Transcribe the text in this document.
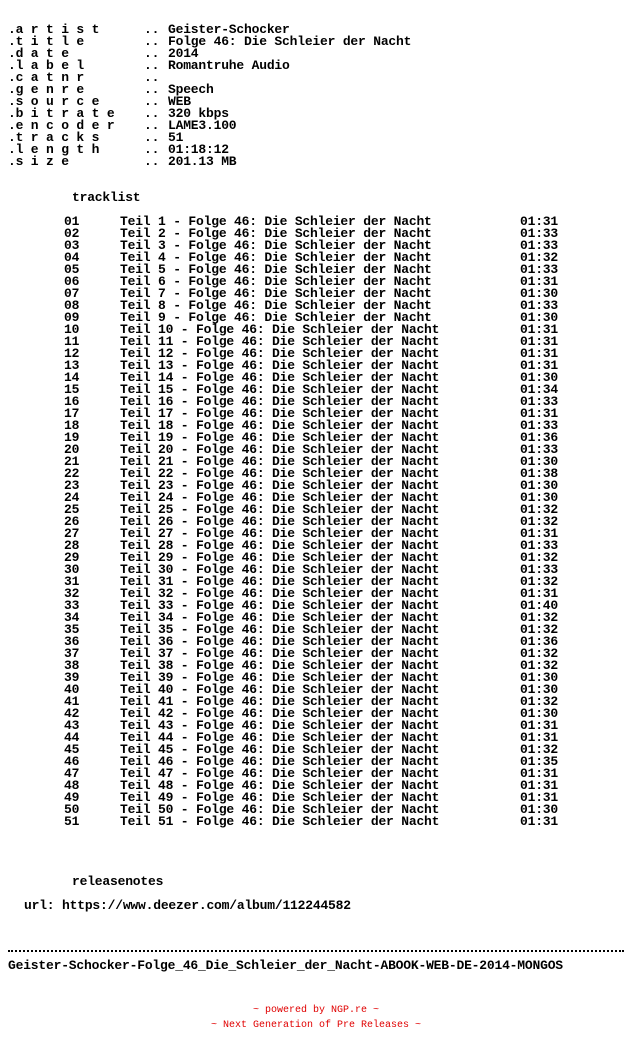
.a r t i s t	.. Geister-Schocker
.t i t l e	.. Folge 46: Die Schleier der Nacht
.d a t e	.. 2014
.l a b e l	.. Romantruhe Audio
.c a t n r	..
.g e n r e	.. Speech
.s o u r c e	.. WEB
.b i t r a t e .. 320 kbps
.e n c o d e r .. LAME3.100
.t r a c k s	.. 51
.l e n g t h	.. 01:18:12
.s i z e	.. 201.13 MB
tracklist
01	Teil 1 - Folge 46: Die Schleier der Nacht	01:31
02	Teil 2 - Folge 46: Die Schleier der Nacht	01:33
03	Teil 3 - Folge 46: Die Schleier der Nacht	01:33
04	Teil 4 - Folge 46: Die Schleier der Nacht	01:32
05	Teil 5 - Folge 46: Die Schleier der Nacht	01:33
06	Teil 6 - Folge 46: Die Schleier der Nacht	01:31
07	Teil 7 - Folge 46: Die Schleier der Nacht	01:30
08	Teil 8 - Folge 46: Die Schleier der Nacht	01:33
09	Teil 9 - Folge 46: Die Schleier der Nacht	01:30
10	Teil 10 - Folge 46: Die Schleier der Nacht	01:31
11	Teil 11 - Folge 46: Die Schleier der Nacht	01:31
12	Teil 12 - Folge 46: Die Schleier der Nacht	01:31
13	Teil 13 - Folge 46: Die Schleier der Nacht	01:31
14	Teil 14 - Folge 46: Die Schleier der Nacht	01:30
15	Teil 15 - Folge 46: Die Schleier der Nacht	01:34
16	Teil 16 - Folge 46: Die Schleier der Nacht	01:33
17	Teil 17 - Folge 46: Die Schleier der Nacht	01:31
18	Teil 18 - Folge 46: Die Schleier der Nacht	01:33
19	Teil 19 - Folge 46: Die Schleier der Nacht	01:36
20	Teil 20 - Folge 46: Die Schleier der Nacht	01:33
21	Teil 21 - Folge 46: Die Schleier der Nacht	01:30
22	Teil 22 - Folge 46: Die Schleier der Nacht	01:38
23	Teil 23 - Folge 46: Die Schleier der Nacht	01:30
24	Teil 24 - Folge 46: Die Schleier der Nacht	01:30
25	Teil 25 - Folge 46: Die Schleier der Nacht	01:32
26	Teil 26 - Folge 46: Die Schleier der Nacht	01:32
27	Teil 27 - Folge 46: Die Schleier der Nacht	01:31
28	Teil 28 - Folge 46: Die Schleier der Nacht	01:33
29	Teil 29 - Folge 46: Die Schleier der Nacht	01:32
30	Teil 30 - Folge 46: Die Schleier der Nacht	01:33
31	Teil 31 - Folge 46: Die Schleier der Nacht	01:32
32	Teil 32 - Folge 46: Die Schleier der Nacht	01:31
33	Teil 33 - Folge 46: Die Schleier der Nacht	01:40
34	Teil 34 - Folge 46: Die Schleier der Nacht	01:32
35	Teil 35 - Folge 46: Die Schleier der Nacht	01:32
36	Teil 36 - Folge 46: Die Schleier der Nacht	01:36
37	Teil 37 - Folge 46: Die Schleier der Nacht	01:32
38	Teil 38 - Folge 46: Die Schleier der Nacht	01:32
39	Teil 39 - Folge 46: Die Schleier der Nacht	01:30
40	Teil 40 - Folge 46: Die Schleier der Nacht	01:30
41	Teil 41 - Folge 46: Die Schleier der Nacht	01:32
42	Teil 42 - Folge 46: Die Schleier der Nacht	01:30
43	Teil 43 - Folge 46: Die Schleier der Nacht	01:31
44	Teil 44 - Folge 46: Die Schleier der Nacht	01:31
45	Teil 45 - Folge 46: Die Schleier der Nacht	01:32
46	Teil 46 - Folge 46: Die Schleier der Nacht	01:35
47	Teil 47 - Folge 46: Die Schleier der Nacht	01:31
48	Teil 48 - Folge 46: Die Schleier der Nacht	01:31
49	Teil 49 - Folge 46: Die Schleier der Nacht	01:31
50	Teil 50 - Folge 46: Die Schleier der Nacht	01:30
51	Teil 51 - Folge 46: Die Schleier der Nacht	01:31
releasenotes
url: https://www.deezer.com/album/112244582
Geister-Schocker-Folge_46_Die_Schleier_der_Nacht-ABOOK-WEB-DE-2014-MONGOS
~ powered by NGP.re ~
~ Next Generation of Pre Releases ~
